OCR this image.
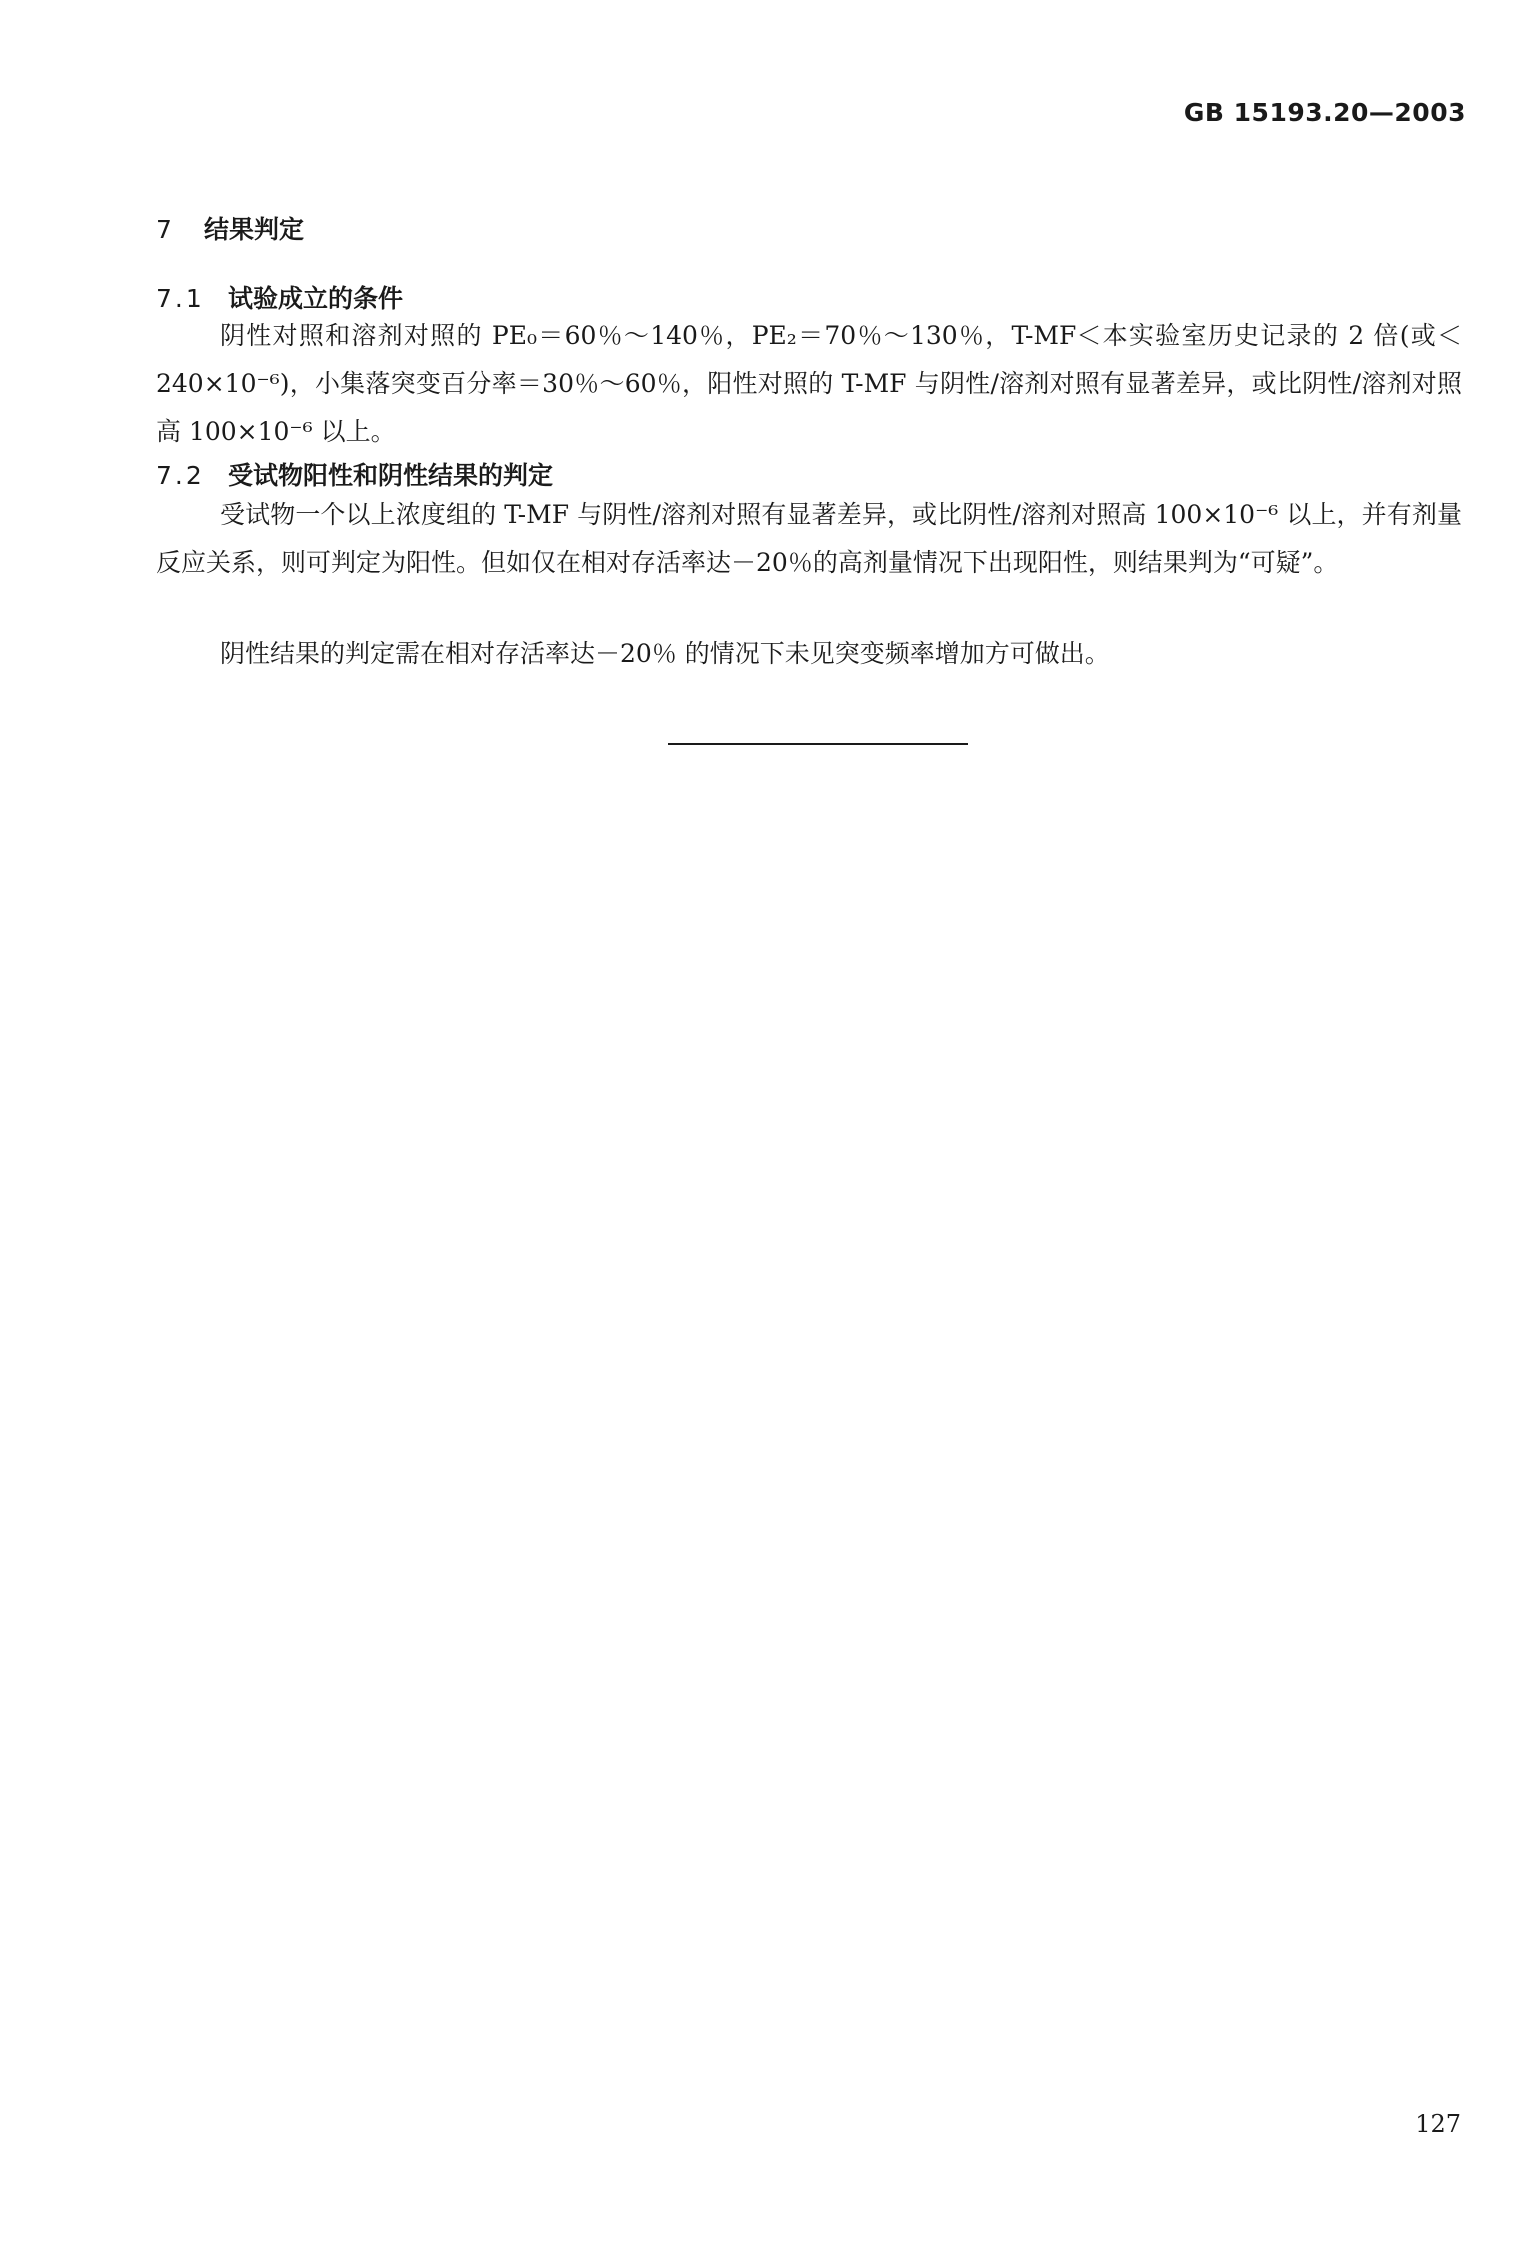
GB 15193.20—2003
7 结果判定
7.1 试验成立的条件

阴性对照和溶剂对照的 PE₀＝60％～140％，PE₂＝70％～130％，T-MF＜本实验室历史记录的 2 倍(或＜240×10⁻⁶)，小集落突变百分率＝30％～60％，阳性对照的 T-MF 与阴性/溶剂对照有显著差异，或比阴性/溶剂对照高 100×10⁻⁶ 以上。

7.2 受试物阳性和阴性结果的判定

受试物一个以上浓度组的 T-MF 与阴性/溶剂对照有显著差异，或比阴性/溶剂对照高 100×10⁻⁶ 以上，并有剂量反应关系，则可判定为阳性。但如仅在相对存活率达－20％的高剂量情况下出现阳性，则结果判为“可疑”。

阴性结果的判定需在相对存活率达－20％ 的情况下未见突变频率增加方可做出。

127
